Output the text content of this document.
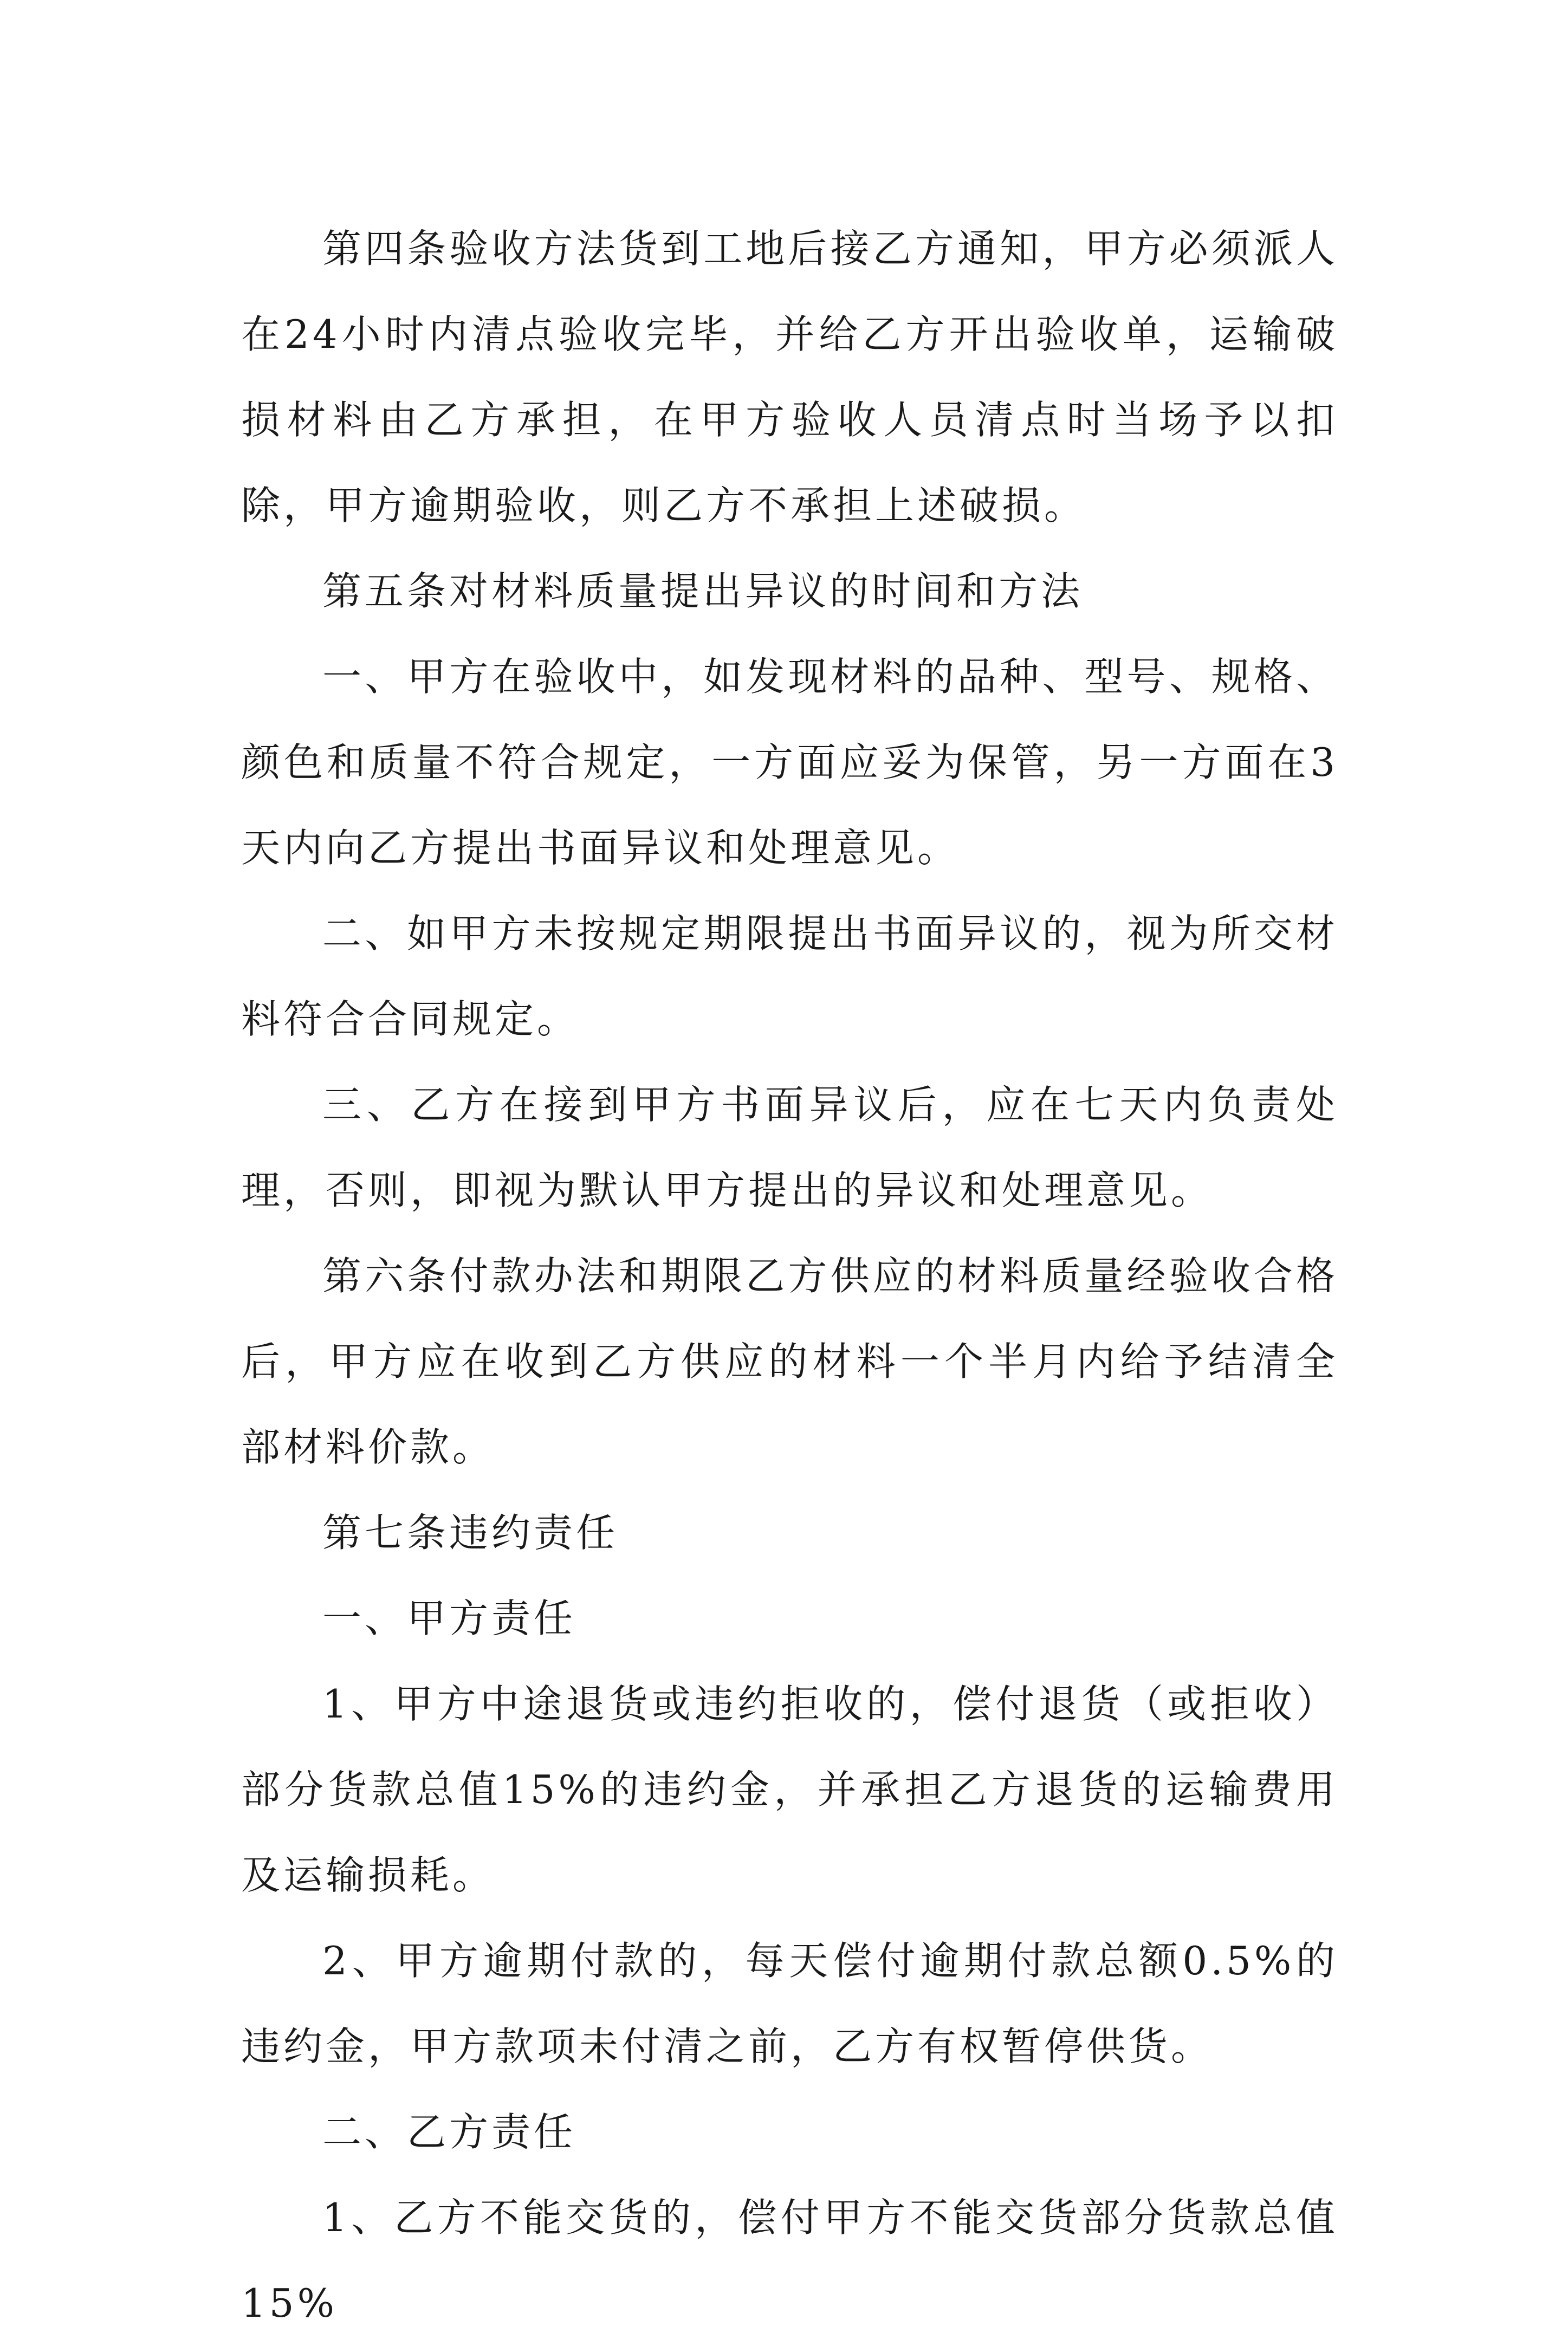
第四条验收方法货到工地后接乙方通知，甲方必须派人在24小时内清点验收完毕，并给乙方开出验收单，运输破损材料由乙方承担，在甲方验收人员清点时当场予以扣除，甲方逾期验收，则乙方不承担上述破损。

第五条对材料质量提出异议的时间和方法

一、甲方在验收中，如发现材料的品种、型号、规格、颜色和质量不符合规定，一方面应妥为保管，另一方面在3天内向乙方提出书面异议和处理意见。

二、如甲方未按规定期限提出书面异议的，视为所交材料符合合同规定。

三、乙方在接到甲方书面异议后，应在七天内负责处理，否则，即视为默认甲方提出的异议和处理意见。

第六条付款办法和期限乙方供应的材料质量经验收合格后，甲方应在收到乙方供应的材料一个半月内给予结清全部材料价款。

第七条违约责任

一、甲方责任

1、甲方中途退货或违约拒收的，偿付退货（或拒收）部分货款总值15%的违约金，并承担乙方退货的运输费用及运输损耗。

2、甲方逾期付款的，每天偿付逾期付款总额0.5%的违约金，甲方款项未付清之前，乙方有权暂停供货。

二、乙方责任

1、乙方不能交货的，偿付甲方不能交货部分货款总值15%
